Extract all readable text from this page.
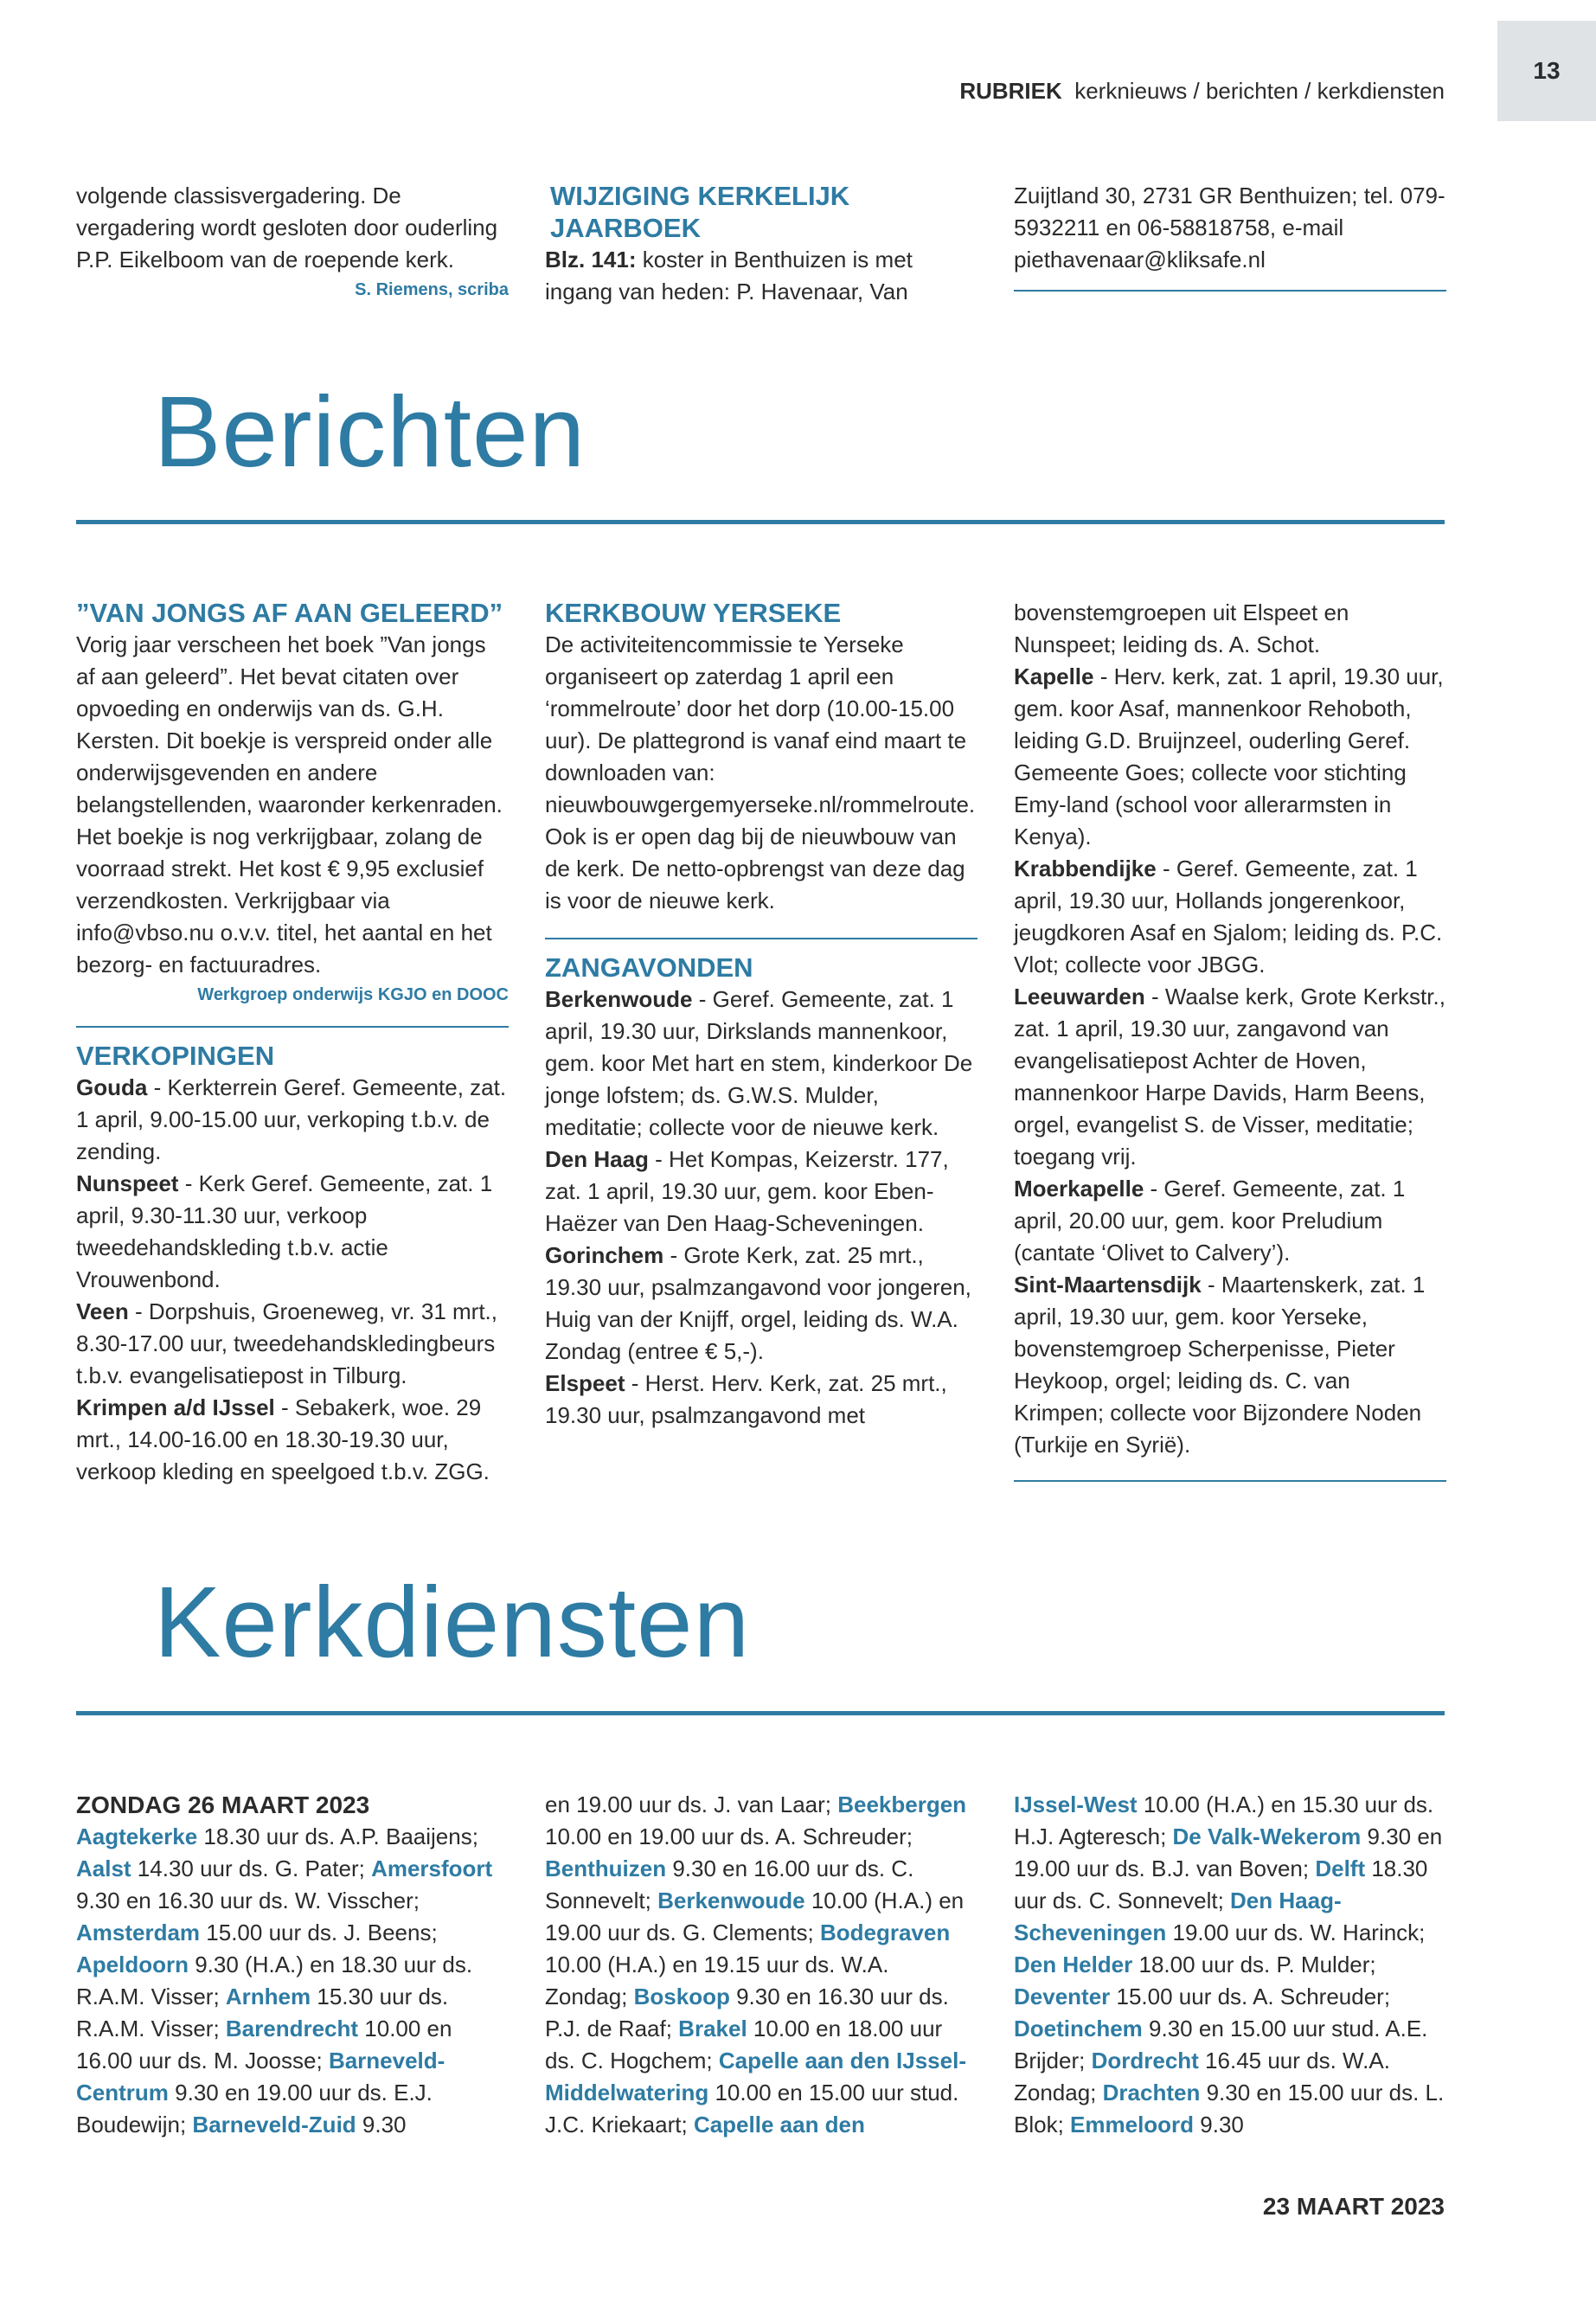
13
RUBRIEK kerknieuws / berichten / kerkdiensten

volgende classisvergadering. De vergadering wordt gesloten door ouderling P.P. Eikelboom van de roepende kerk.

S. Riemens, scriba

WIJZIGING KERKELIJK JAARBOEK

Blz. 141: koster in Benthuizen is met ingang van heden: P. Havenaar, Van

Zuijtland 30, 2731 GR Benthuizen; tel. 079-5932211 en 06-58818758, e-mail piethavenaar@kliksafe.nl

Berichten

”VAN JONGS AF AAN GELEERD”

Vorig jaar verscheen het boek ”Van jongs af aan geleerd”. Het bevat citaten over opvoeding en onderwijs van ds. G.H. Kersten. Dit boekje is verspreid onder alle onderwijsgevenden en andere belangstellenden, waaronder kerkenraden. Het boekje is nog verkrijgbaar, zolang de voorraad strekt. Het kost € 9,95 exclusief verzendkosten. Verkrijgbaar via info@vbso.nu o.v.v. titel, het aantal en het bezorg- en factuuradres.

Werkgroep onderwijs KGJO en DOOC

VERKOPINGEN

Gouda - Kerkterrein Geref. Gemeente, zat. 1 april, 9.00-15.00 uur, verkoping t.b.v. de zending.

Nunspeet - Kerk Geref. Gemeente, zat. 1 april, 9.30-11.30 uur, verkoop tweedehandskleding t.b.v. actie Vrouwenbond.

Veen - Dorpshuis, Groeneweg, vr. 31 mrt., 8.30-17.00 uur, tweedehandskledingbeurs t.b.v. evangelisatiepost in Tilburg.

Krimpen a/d IJssel - Sebakerk, woe. 29 mrt., 14.00-16.00 en 18.30-19.30 uur, verkoop kleding en speelgoed t.b.v. ZGG.

KERKBOUW YERSEKE

De activiteitencommissie te Yerseke organiseert op zaterdag 1 april een ‘rommelroute’ door het dorp (10.00-15.00 uur). De plattegrond is vanaf eind maart te downloaden van: nieuwbouwgergemyerseke.nl/rommelroute. Ook is er open dag bij de nieuwbouw van de kerk. De netto-opbrengst van deze dag is voor de nieuwe kerk.

ZANGAVONDEN

Berkenwoude - Geref. Gemeente, zat. 1 april, 19.30 uur, Dirkslands mannenkoor, gem. koor Met hart en stem, kinderkoor De jonge lofstem; ds. G.W.S. Mulder, meditatie; collecte voor de nieuwe kerk.

Den Haag - Het Kompas, Keizerstr. 177, zat. 1 april, 19.30 uur, gem. koor Eben-Haëzer van Den Haag-Scheveningen.

Gorinchem - Grote Kerk, zat. 25 mrt., 19.30 uur, psalmzangavond voor jongeren, Huig van der Knijff, orgel, leiding ds. W.A. Zondag (entree € 5,-).

Elspeet - Herst. Herv. Kerk, zat. 25 mrt., 19.30 uur, psalmzangavond met

bovenstemgroepen uit Elspeet en Nunspeet; leiding ds. A. Schot.

Kapelle - Herv. kerk, zat. 1 april, 19.30 uur, gem. koor Asaf, mannenkoor Rehoboth, leiding G.D. Bruijnzeel, ouderling Geref. Gemeente Goes; collecte voor stichting Emy-land (school voor allerarmsten in Kenya).

Krabbendijke - Geref. Gemeente, zat. 1 april, 19.30 uur, Hollands jongerenkoor, jeugdkoren Asaf en Sjalom; leiding ds. P.C. Vlot; collecte voor JBGG.

Leeuwarden - Waalse kerk, Grote Kerkstr., zat. 1 april, 19.30 uur, zangavond van evangelisatiepost Achter de Hoven, mannenkoor Harpe Davids, Harm Beens, orgel, evangelist S. de Visser, meditatie; toegang vrij.

Moerkapelle - Geref. Gemeente, zat. 1 april, 20.00 uur, gem. koor Preludium (cantate ‘Olivet to Calvery’).

Sint-Maartensdijk - Maartenskerk, zat. 1 april, 19.30 uur, gem. koor Yerseke, bovenstemgroep Scherpenisse, Pieter Heykoop, orgel; leiding ds. C. van Krimpen; collecte voor Bijzondere Noden (Turkije en Syrië).

Kerkdiensten

ZONDAG 26 MAART 2023

Aagtekerke 18.30 uur ds. A.P. Baaijens; Aalst 14.30 uur ds. G. Pater; Amersfoort 9.30 en 16.30 uur ds. W. Visscher; Amsterdam 15.00 uur ds. J. Beens; Apeldoorn 9.30 (H.A.) en 18.30 uur ds. R.A.M. Visser; Arnhem 15.30 uur ds. R.A.M. Visser; Barendrecht 10.00 en 16.00 uur ds. M. Joosse; Barneveld-Centrum 9.30 en 19.00 uur ds. E.J. Boudewijn; Barneveld-Zuid 9.30

en 19.00 uur ds. J. van Laar; Beekbergen 10.00 en 19.00 uur ds. A. Schreuder; Benthuizen 9.30 en 16.00 uur ds. C. Sonnevelt; Berkenwoude 10.00 (H.A.) en 19.00 uur ds. G. Clements; Bodegraven 10.00 (H.A.) en 19.15 uur ds. W.A. Zondag; Boskoop 9.30 en 16.30 uur ds. P.J. de Raaf; Brakel 10.00 en 18.00 uur ds. C. Hogchem; Capelle aan den IJssel-Middelwatering 10.00 en 15.00 uur stud. J.C. Kriekaart; Capelle aan den

IJssel-West 10.00 (H.A.) en 15.30 uur ds. H.J. Agteresch; De Valk-Wekerom 9.30 en 19.00 uur ds. B.J. van Boven; Delft 18.30 uur ds. C. Sonnevelt; Den Haag-Scheveningen 19.00 uur ds. W. Harinck; Den Helder 18.00 uur ds. P. Mulder; Deventer 15.00 uur ds. A. Schreuder; Doetinchem 9.30 en 15.00 uur stud. A.E. Brijder; Dordrecht 16.45 uur ds. W.A. Zondag; Drachten 9.30 en 15.00 uur ds. L. Blok; Emmeloord 9.30

23 MAART 2023
